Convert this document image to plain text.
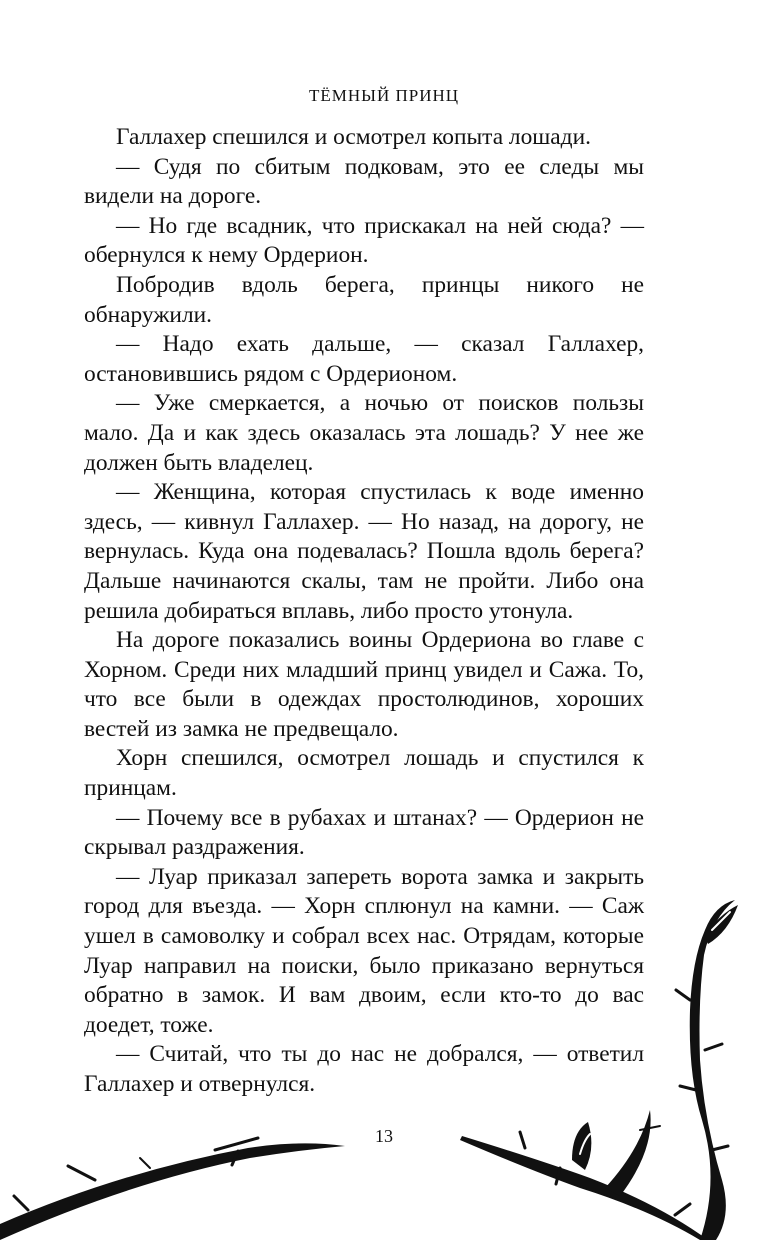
ТЁМНЫЙ ПРИНЦ

Галлахер спешился и осмотрел копыта лошади.

— Судя по сбитым подковам, это ее следы мы видели на дороге.

— Но где всадник, что прискакал на ней сюда? — обернулся к нему Ордерион.

Побродив вдоль берега, принцы никого не обнаружили.

— Надо ехать дальше, — сказал Галлахер, остановившись рядом с Ордерионом.

— Уже смеркается, а ночью от поисков пользы мало. Да и как здесь оказалась эта лошадь? У нее же должен быть владелец.

— Женщина, которая спустилась к воде именно здесь, — кивнул Галлахер. — Но назад, на дорогу, не вернулась. Куда она подевалась? Пошла вдоль берега? Дальше начинаются скалы, там не пройти. Либо она решила добираться вплавь, либо просто утонула.

На дороге показались воины Ордериона во главе с Хорном. Среди них младший принц увидел и Сажа. То, что все были в одеждах простолюдинов, хороших вестей из замка не предвещало.

Хорн спешился, осмотрел лошадь и спустился к принцам.

— Почему все в рубахах и штанах? — Ордерион не скрывал раздражения.

— Луар приказал запереть ворота замка и закрыть город для въезда. — Хорн сплюнул на камни. — Саж ушел в самоволку и собрал всех нас. Отрядам, которые Луар направил на поиски, было приказано вернуться обратно в замок. И вам двоим, если кто-то до вас доедет, тоже.

— Считай, что ты до нас не добрался, — ответил Галлахер и отвернулся.

13
